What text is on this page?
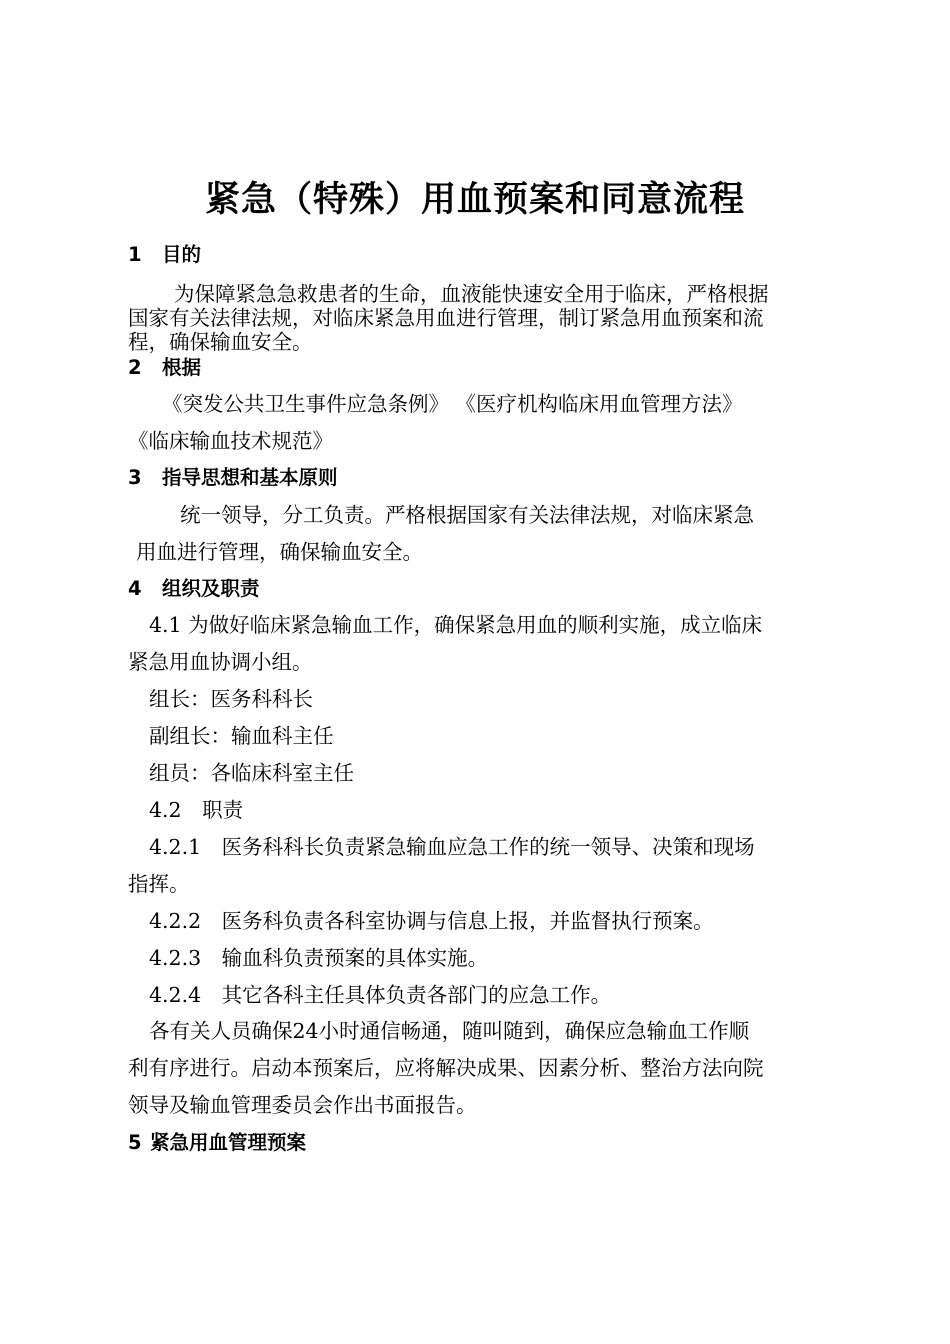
紧急（特殊）用血预案和同意流程
1 目的
为保障紧急急救患者的生命，血液能快速安全用于临床，严格根据
国家有关法律法规，对临床紧急用血进行管理，制订紧急用血预案和流
程，确保输血安全。
2 根据
《突发公共卫生事件应急条例》 《医疗机构临床用血管理方法》
《临床输血技术规范》
3 指导思想和基本原则
统一领导，分工负责。严格根据国家有关法律法规，对临床紧急
用血进行管理，确保输血安全。
4 组织及职责
4.1 为做好临床紧急输血工作，确保紧急用血的顺利实施，成立临床
紧急用血协调小组。
组长：医务科科长
副组长：输血科主任
组员：各临床科室主任
4.2　职责
4.2.1　医务科科长负责紧急输血应急工作的统一领导、决策和现场
指挥。
4.2.2　医务科负责各科室协调与信息上报，并监督执行预案。
4.2.3　输血科负责预案的具体实施。
4.2.4　其它各科主任具体负责各部门的应急工作。
各有关人员确保24小时通信畅通，随叫随到，确保应急输血工作顺
利有序进行。启动本预案后，应将解决成果、因素分析、整治方法向院
领导及输血管理委员会作出书面报告。
5 紧急用血管理预案
